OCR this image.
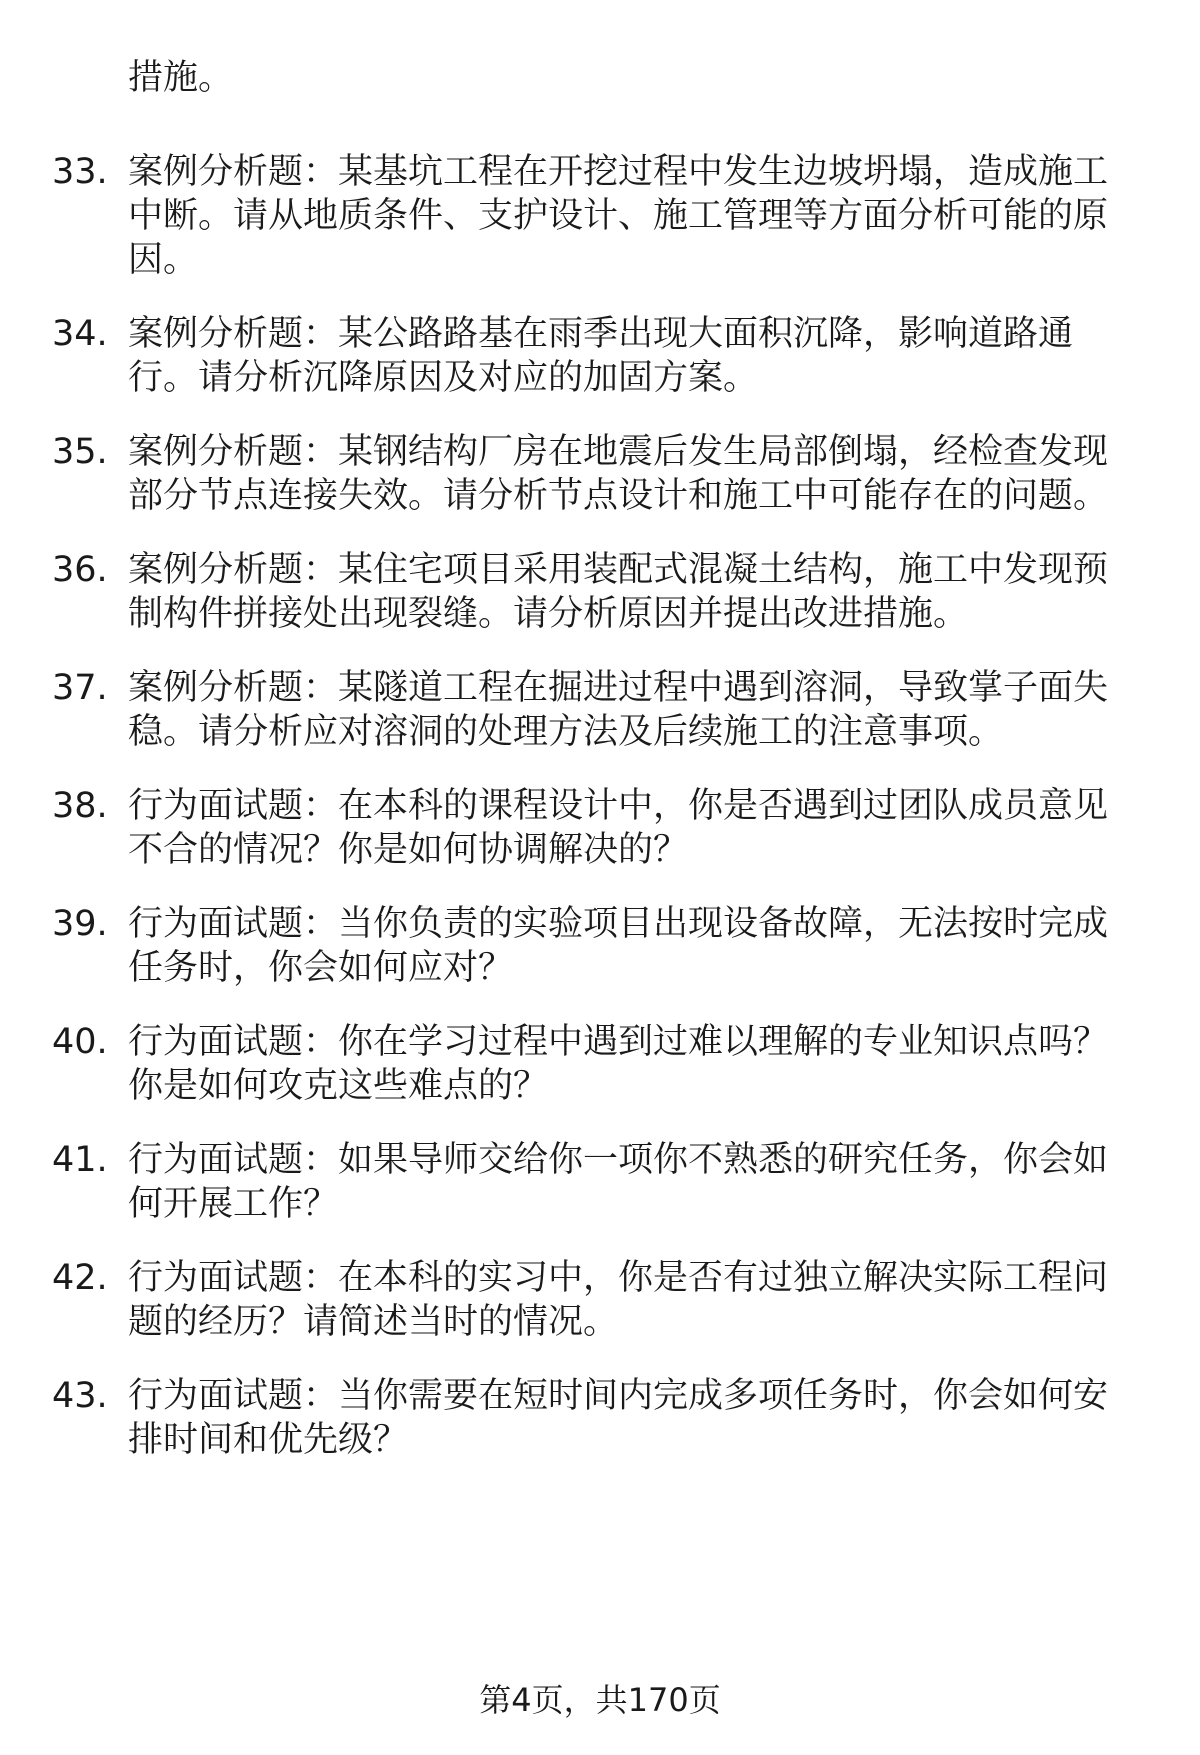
措施。
33. 案例分析题：某基坑工程在开挖过程中发生边坡坍塌，造成施工
中断。请从地质条件、支护设计、施工管理等方面分析可能的原
因。
34. 案例分析题：某公路路基在雨季出现大面积沉降，影响道路通
行。请分析沉降原因及对应的加固方案。
35. 案例分析题：某钢结构厂房在地震后发生局部倒塌，经检查发现
部分节点连接失效。请分析节点设计和施工中可能存在的问题。
36. 案例分析题：某住宅项目采用装配式混凝土结构，施工中发现预
制构件拼接处出现裂缝。请分析原因并提出改进措施。
37. 案例分析题：某隧道工程在掘进过程中遇到溶洞，导致掌子面失
稳。请分析应对溶洞的处理方法及后续施工的注意事项。
38. 行为面试题：在本科的课程设计中，你是否遇到过团队成员意见
不合的情况？你是如何协调解决的？
39. 行为面试题：当你负责的实验项目出现设备故障，无法按时完成
任务时，你会如何应对？
40. 行为面试题：你在学习过程中遇到过难以理解的专业知识点吗？
你是如何攻克这些难点的？
41. 行为面试题：如果导师交给你一项你不熟悉的研究任务，你会如
何开展工作？
42. 行为面试题：在本科的实习中，你是否有过独立解决实际工程问
题的经历？请简述当时的情况。
43. 行为面试题：当你需要在短时间内完成多项任务时，你会如何安
排时间和优先级？
第4页，共170页
